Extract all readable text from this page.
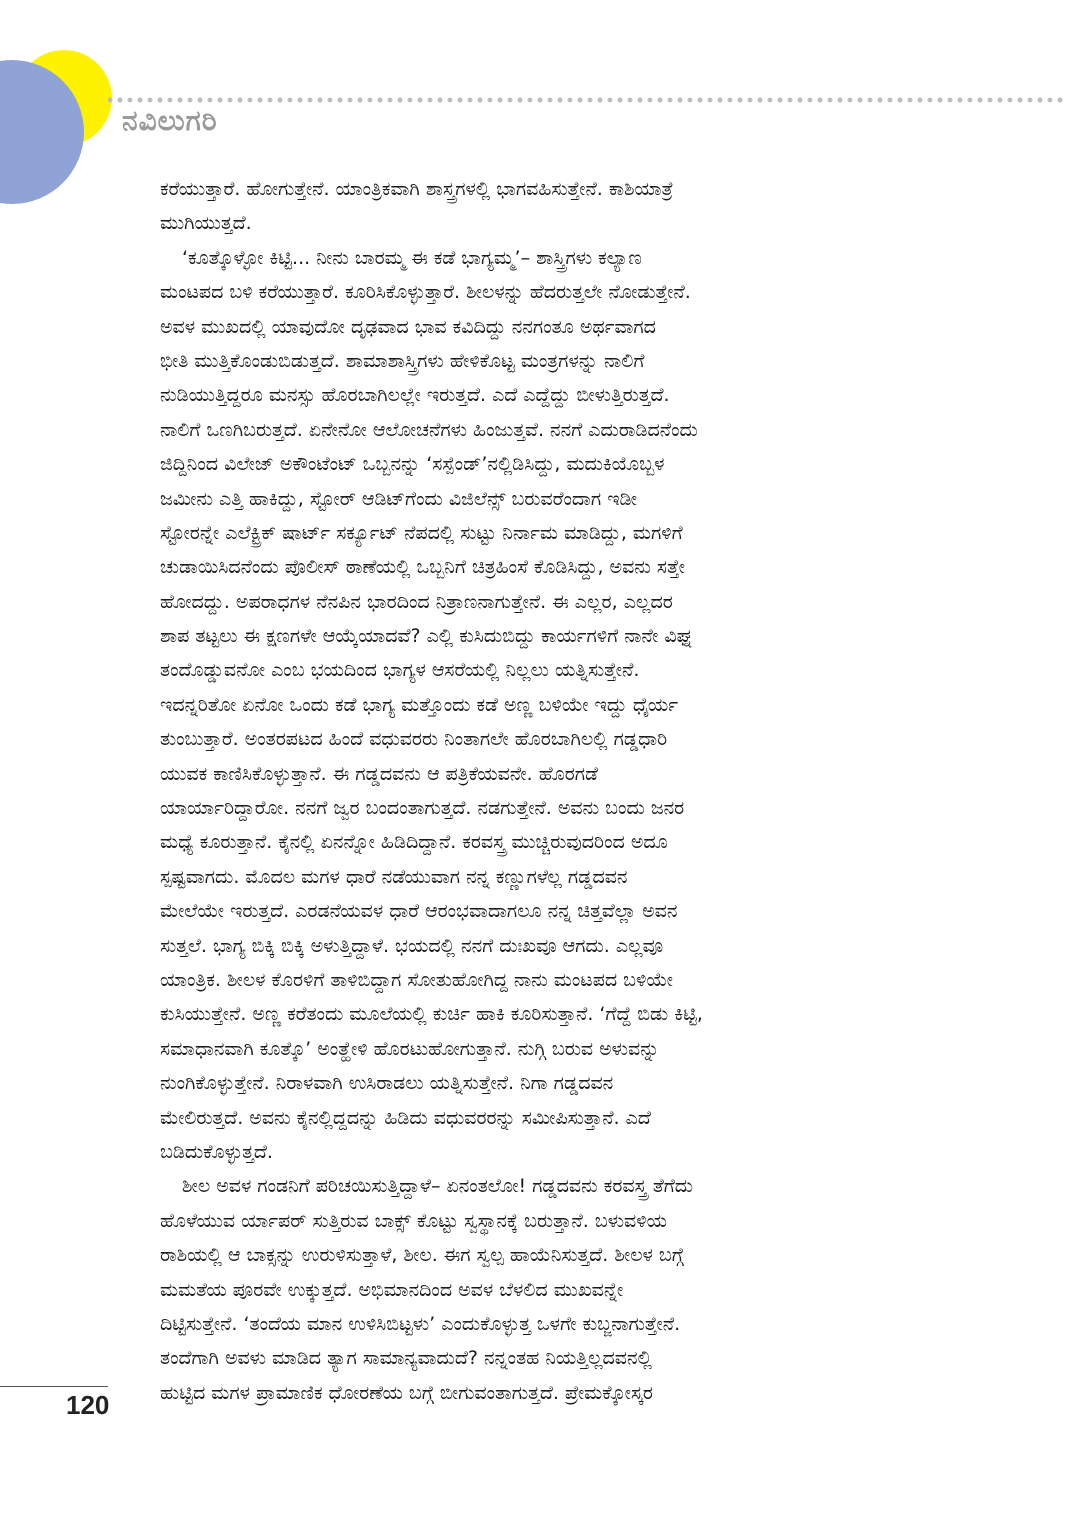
ನವಿಲುಗರಿ
ಕರೆಯುತ್ತಾರೆ. ಹೋಗುತ್ತೇನೆ. ಯಾಂತ್ರಿಕವಾಗಿ ಶಾಸ್ತ್ರಗಳಲ್ಲಿ ಭಾಗವಹಿಸುತ್ತೇನೆ. ಕಾಶಿಯಾತ್ರೆ
ಮುಗಿಯುತ್ತದೆ.
‘ಕೂತ್ಕೊಳ್ಳೋ ಕಿಟ್ಟಿ... ನೀನು ಬಾರಮ್ಮ ಈ ಕಡೆ ಭಾಗ್ಯಮ್ಮ’– ಶಾಸ್ತ್ರಿಗಳು ಕಲ್ಯಾಣ
ಮಂಟಪದ ಬಳಿ ಕರೆಯುತ್ತಾರೆ. ಕೂರಿಸಿಕೊಳ್ಳುತ್ತಾರೆ. ಶೀಲಳನ್ನು ಹೆದರುತ್ತಲೇ ನೋಡುತ್ತೇನೆ.
ಅವಳ ಮುಖದಲ್ಲಿ ಯಾವುದೋ ದೃಢವಾದ ಭಾವ ಕವಿದಿದ್ದು ನನಗಂತೂ ಅರ್ಥವಾಗದ
ಭೀತಿ ಮುತ್ತಿಕೊಂಡುಬಿಡುತ್ತದೆ. ಶಾಮಾಶಾಸ್ತ್ರಿಗಳು ಹೇಳಿಕೊಟ್ಟ ಮಂತ್ರಗಳನ್ನು ನಾಲಿಗೆ
ನುಡಿಯುತ್ತಿದ್ದರೂ ಮನಸ್ಸು ಹೊರಬಾಗಿಲಲ್ಲೇ ಇರುತ್ತದೆ. ಎದೆ ಎದ್ದೆದ್ದು ಬೀಳುತ್ತಿರುತ್ತದೆ.
ನಾಲಿಗೆ ಒಣಗಿಬರುತ್ತದೆ. ಏನೇನೋ ಆಲೋಚನೆಗಳು ಹಿಂಜುತ್ತವೆ. ನನಗೆ ಎದುರಾಡಿದನೆಂದು
ಜಿದ್ದಿನಿಂದ ವಿಲೇಜ್ ಅಕೌಂಟೆಂಟ್ ಒಬ್ಬನನ್ನು ‘ಸಸ್ಪೆಂಡ್’ನಲ್ಲಿಡಿಸಿದ್ದು, ಮದುಕಿಯೊಬ್ಬಳ
ಜಮೀನು ಎತ್ತಿ ಹಾಕಿದ್ದು, ಸ್ಟೋರ್ ಆಡಿಟ್‌ಗೆಂದು ವಿಜಿಲೆನ್ಸ್ ಬರುವರೆಂದಾಗ ಇಡೀ
ಸ್ಟೋರನ್ನೇ ಎಲೆಕ್ಟ್ರಿಕ್ ಷಾರ್ಟ್ ಸರ್ಕ್ಯೂಟ್ ನೆಪದಲ್ಲಿ ಸುಟ್ಟು ನಿರ್ನಾಮ ಮಾಡಿದ್ದು, ಮಗಳಿಗೆ
ಚುಡಾಯಿಸಿದನೆಂದು ಪೊಲೀಸ್ ಠಾಣೆಯಲ್ಲಿ ಒಬ್ಬನಿಗೆ ಚಿತ್ರಹಿಂಸೆ ಕೊಡಿಸಿದ್ದು, ಅವನು ಸತ್ತೇ
ಹೋದದ್ದು. ಅಪರಾಧಗಳ ನೆನಪಿನ ಭಾರದಿಂದ ನಿತ್ರಾಣನಾಗುತ್ತೇನೆ. ಈ ಎಲ್ಲರ, ಎಲ್ಲದರ
ಶಾಪ ತಟ್ಟಲು ಈ ಕ್ಷಣಗಳೇ ಆಯ್ಕೆಯಾದವೆ? ಎಲ್ಲಿ ಕುಸಿದುಬಿದ್ದು ಕಾರ್ಯಗಳಿಗೆ ನಾನೇ ವಿಘ್ನ
ತಂದೊಡ್ಡುವನೋ ಎಂಬ ಭಯದಿಂದ ಭಾಗ್ಯಳ ಆಸರೆಯಲ್ಲಿ ನಿಲ್ಲಲು ಯತ್ನಿಸುತ್ತೇನೆ.
ಇದನ್ನರಿತೋ ಏನೋ ಒಂದು ಕಡೆ ಭಾಗ್ಯ ಮತ್ತೊಂದು ಕಡೆ ಅಣ್ಣ ಬಳಿಯೇ ಇದ್ದು ಧೈರ್ಯ
ತುಂಬುತ್ತಾರೆ. ಅಂತರಪಟದ ಹಿಂದೆ ವಧುವರರು ನಿಂತಾಗಲೇ ಹೊರಬಾಗಿಲಲ್ಲಿ ಗಡ್ಡಧಾರಿ
ಯುವಕ ಕಾಣಿಸಿಕೊಳ್ಳುತ್ತಾನೆ. ಈ ಗಡ್ಡದವನು ಆ ಪತ್ರಿಕೆಯವನೇ. ಹೊರಗಡೆ
ಯಾರ್ಯಾರಿದ್ದಾರೋ. ನನಗೆ ಜ್ವರ ಬಂದಂತಾಗುತ್ತದೆ. ನಡಗುತ್ತೇನೆ. ಅವನು ಬಂದು ಜನರ
ಮಧ್ಯೆ ಕೂರುತ್ತಾನೆ. ಕೈನಲ್ಲಿ ಏನನ್ನೋ ಹಿಡಿದಿದ್ದಾನೆ. ಕರವಸ್ತ್ರ ಮುಚ್ಚಿರುವುದರಿಂದ ಅದೂ
ಸ್ಪಷ್ಟವಾಗದು. ಮೊದಲ ಮಗಳ ಧಾರೆ ನಡೆಯುವಾಗ ನನ್ನ ಕಣ್ಣುಗಳೆಲ್ಲ ಗಡ್ಡದವನ
ಮೇಲೆಯೇ ಇರುತ್ತದೆ. ಎರಡನೆಯವಳ ಧಾರೆ ಆರಂಭವಾದಾಗಲೂ ನನ್ನ ಚಿತ್ತವೆಲ್ಲಾ ಅವನ
ಸುತ್ತಲೆ. ಭಾಗ್ಯ ಬಿಕ್ಕಿ ಬಿಕ್ಕಿ ಅಳುತ್ತಿದ್ದಾಳೆ. ಭಯದಲ್ಲಿ ನನಗೆ ದುಃಖವೂ ಆಗದು. ಎಲ್ಲವೂ
ಯಾಂತ್ರಿಕ. ಶೀಲಳ ಕೊರಳಿಗೆ ತಾಳಿಬಿದ್ದಾಗ ಸೋತುಹೋಗಿದ್ದ ನಾನು ಮಂಟಪದ ಬಳಿಯೇ
ಕುಸಿಯುತ್ತೇನೆ. ಅಣ್ಣ ಕರೆತಂದು ಮೂಲೆಯಲ್ಲಿ ಕುರ್ಚಿ ಹಾಕಿ ಕೂರಿಸುತ್ತಾನೆ. ‘ಗೆದ್ದೆ ಬಿಡು ಕಿಟ್ಟಿ,
ಸಮಾಧಾನವಾಗಿ ಕೂತ್ಕೊ’ ಅಂತ್ಹೇಳಿ ಹೊರಟುಹೋಗುತ್ತಾನೆ. ನುಗ್ಗಿ ಬರುವ ಅಳುವನ್ನು
ನುಂಗಿಕೊಳ್ಳುತ್ತೇನೆ. ನಿರಾಳವಾಗಿ ಉಸಿರಾಡಲು ಯತ್ನಿಸುತ್ತೇನೆ. ನಿಗಾ ಗಡ್ಡದವನ
ಮೇಲಿರುತ್ತದೆ. ಅವನು ಕೈನಲ್ಲಿದ್ದದನ್ನು ಹಿಡಿದು ವಧುವರರನ್ನು ಸಮೀಪಿಸುತ್ತಾನೆ. ಎದೆ
ಬಡಿದುಕೊಳ್ಳುತ್ತದೆ.
ಶೀಲ ಅವಳ ಗಂಡನಿಗೆ ಪರಿಚಯಿಸುತ್ತಿದ್ದಾಳೆ– ಏನಂತಲೋ! ಗಡ್ಡದವನು ಕರವಸ್ತ್ರ ತೆಗೆದು
ಹೊಳೆಯುವ ರ್ಯಾಪರ್ ಸುತ್ತಿರುವ ಬಾಕ್ಸ್ ಕೊಟ್ಟು ಸ್ವಸ್ಥಾನಕ್ಕೆ ಬರುತ್ತಾನೆ. ಬಳುವಳಿಯ
ರಾಶಿಯಲ್ಲಿ ಆ ಬಾಕ್ಸನ್ನು ಉರುಳಿಸುತ್ತಾಳೆ, ಶೀಲ. ಈಗ ಸ್ವಲ್ಪ ಹಾಯೆನಿಸುತ್ತದೆ. ಶೀಲಳ ಬಗ್ಗೆ
ಮಮತೆಯ ಪೂರವೇ ಉಕ್ಕುತ್ತದೆ. ಅಭಿಮಾನದಿಂದ ಅವಳ ಬೆಳಲಿದ ಮುಖವನ್ನೇ
ದಿಟ್ಟಿಸುತ್ತೇನೆ. ‘ತಂದೆಯ ಮಾನ ಉಳಿಸಿಬಿಟ್ಟಳು’ ಎಂದುಕೊಳ್ಳುತ್ತ ಒಳಗೇ ಕುಬ್ಜನಾಗುತ್ತೇನೆ.
ತಂದೆಗಾಗಿ ಅವಳು ಮಾಡಿದ ತ್ಯಾಗ ಸಾಮಾನ್ಯವಾದುದೆ? ನನ್ನಂತಹ ನಿಯತ್ತಿಲ್ಲದವನಲ್ಲಿ
ಹುಟ್ಟಿದ ಮಗಳ ಪ್ರಾಮಾಣಿಕ ಧೋರಣೆಯ ಬಗ್ಗೆ ಬೀಗುವಂತಾಗುತ್ತದೆ. ಪ್ರೇಮಕ್ಕೋಸ್ಕರ
120
